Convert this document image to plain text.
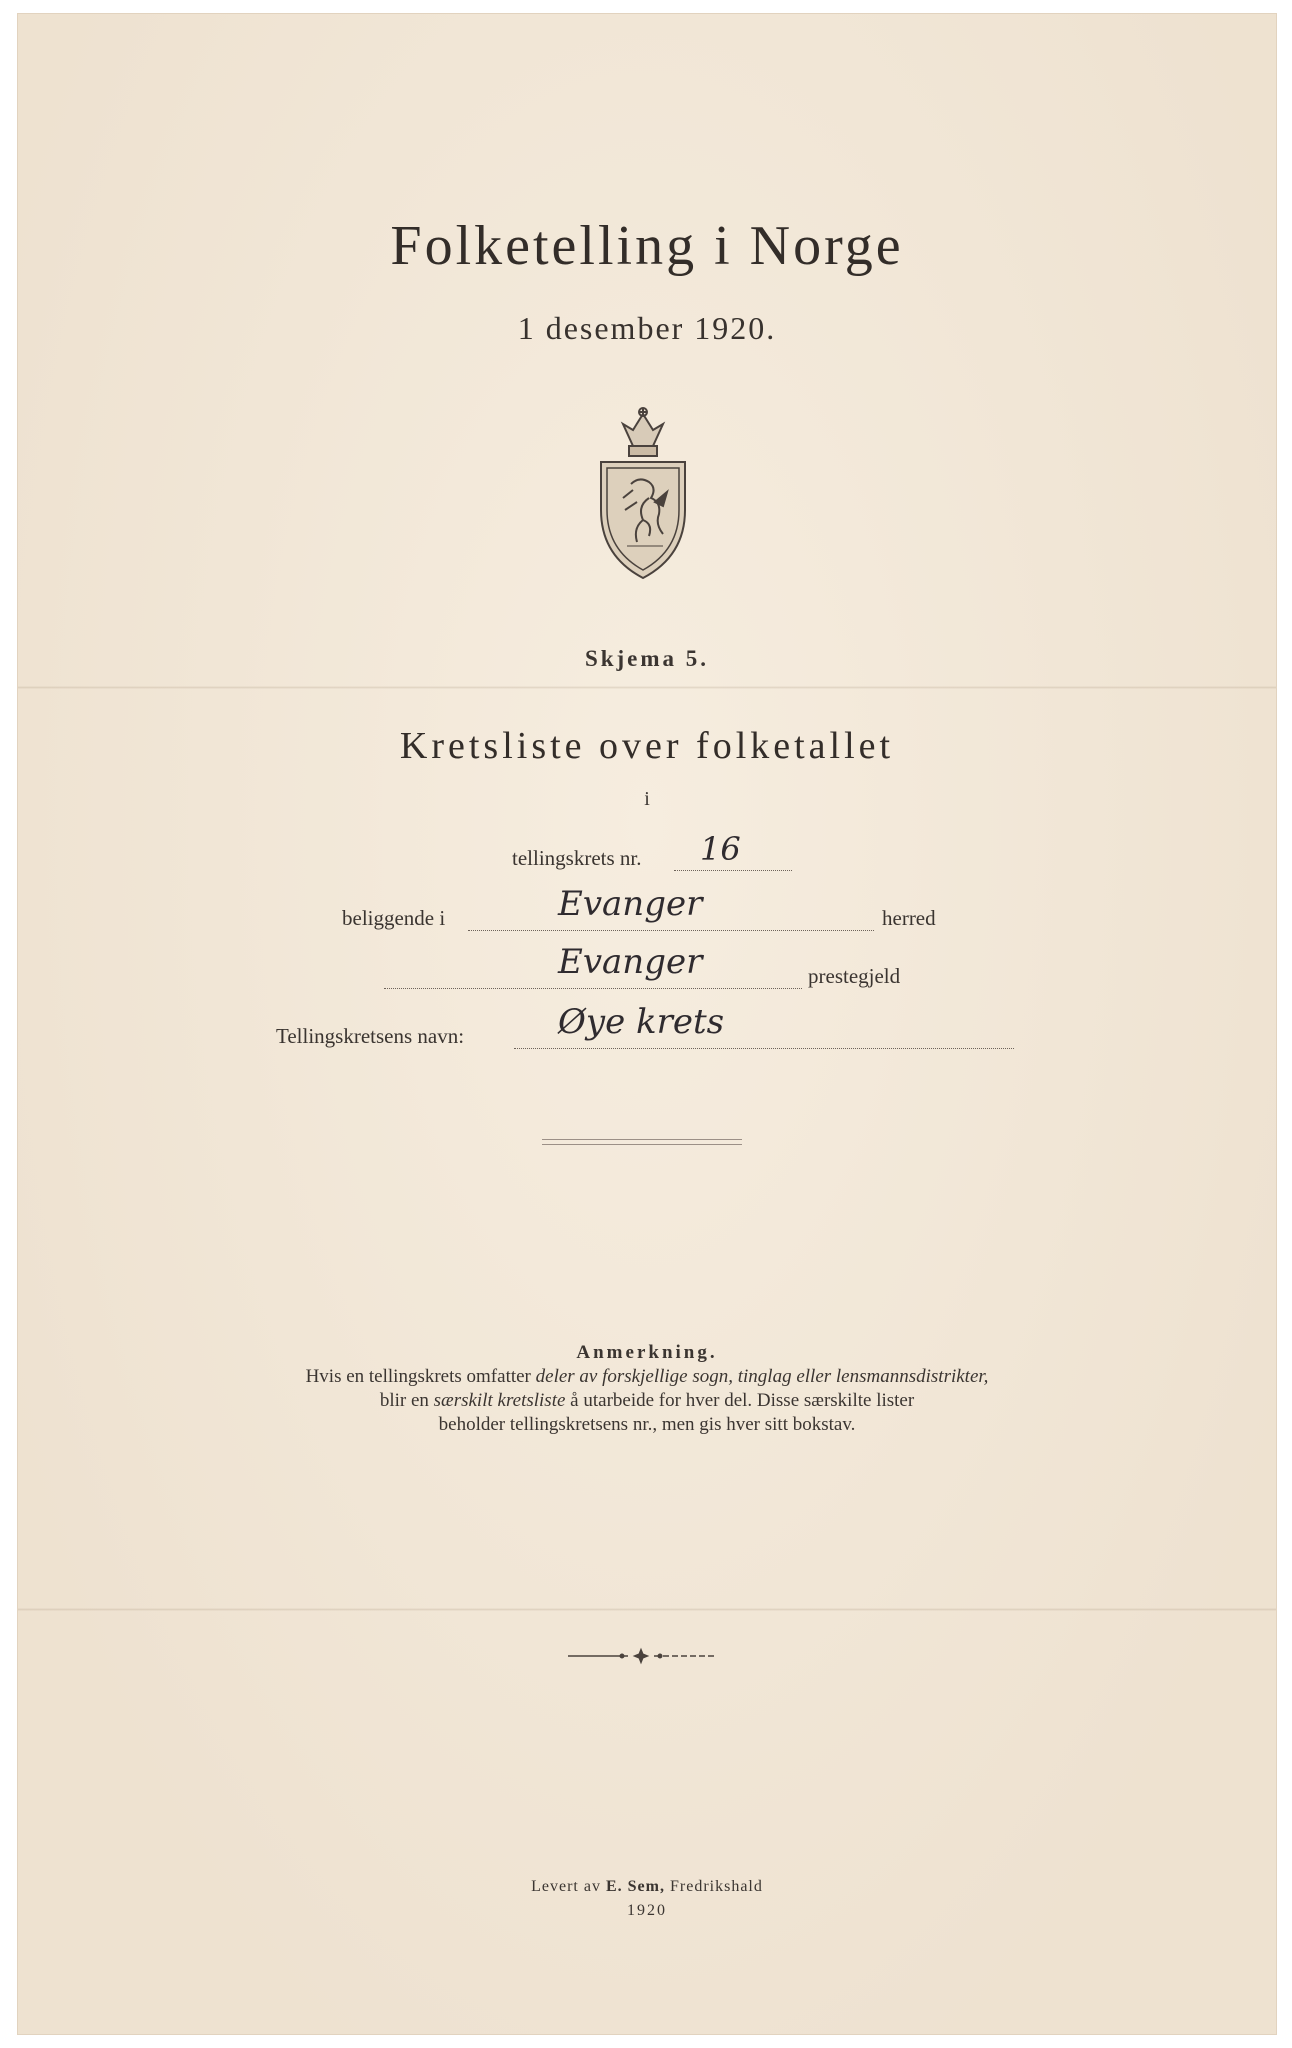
Folketelling i Norge
1 desember 1920.
Skjema 5.
Kretsliste over folketallet
i
tellingskrets nr. 16
beliggende i	Evanger	herred
Evanger	prestegjeld
Tellingskretsens navn:	Øye krets
Anmerkning.
Hvis en tellingskrets omfatter deler av forskjellige sogn, tinglag eller lensmannsdistrikter,
blir en særskilt kretsliste å utarbeide for hver del. Disse særskilte lister
beholder tellingskretsens nr., men gis hver sitt bokstav.
Levert av E. Sem, Fredrikshald
1920
